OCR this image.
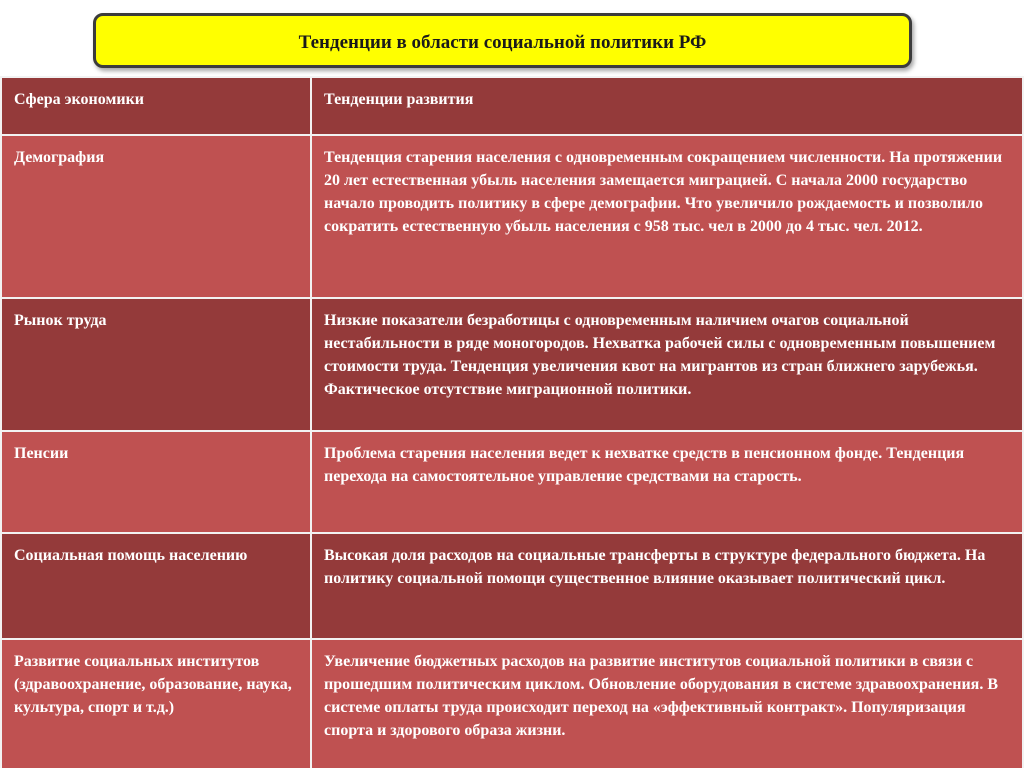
Тенденции в области социальной политики РФ
Сфера экономики	Тенденции развития
Демография	Тенденция старения населения с одновременным сокращением численности. На протяжении 20 лет естественная убыль населения замещается миграцией. С начала 2000 государство начало проводить политику в сфере демографии. Что увеличило рождаемость и позволило сократить естественную убыль населения с 958 тыс. чел в 2000 до 4 тыс. чел. 2012.
Рынок труда	Низкие показатели безработицы с одновременным наличием очагов социальной нестабильности в ряде моногородов. Нехватка рабочей силы с одновременным повышением стоимости труда. Тенденция увеличения квот на мигрантов из стран ближнего зарубежья. Фактическое отсутствие миграционной политики.
Пенсии	Проблема старения населения ведет к нехватке средств в пенсионном фонде. Тенденция перехода на самостоятельное управление средствами на старость.
Социальная помощь населению	Высокая доля расходов на социальные трансферты в структуре федерального бюджета. На политику социальной помощи существенное влияние оказывает политический цикл.
Развитие социальных институтов (здравоохранение, образование, наука, культура, спорт и т.д.)	Увеличение бюджетных расходов на развитие институтов социальной политики в связи с прошедшим политическим циклом. Обновление оборудования в системе здравоохранения. В системе оплаты труда происходит переход на «эффективный контракт». Популяризация спорта и здорового образа жизни.
